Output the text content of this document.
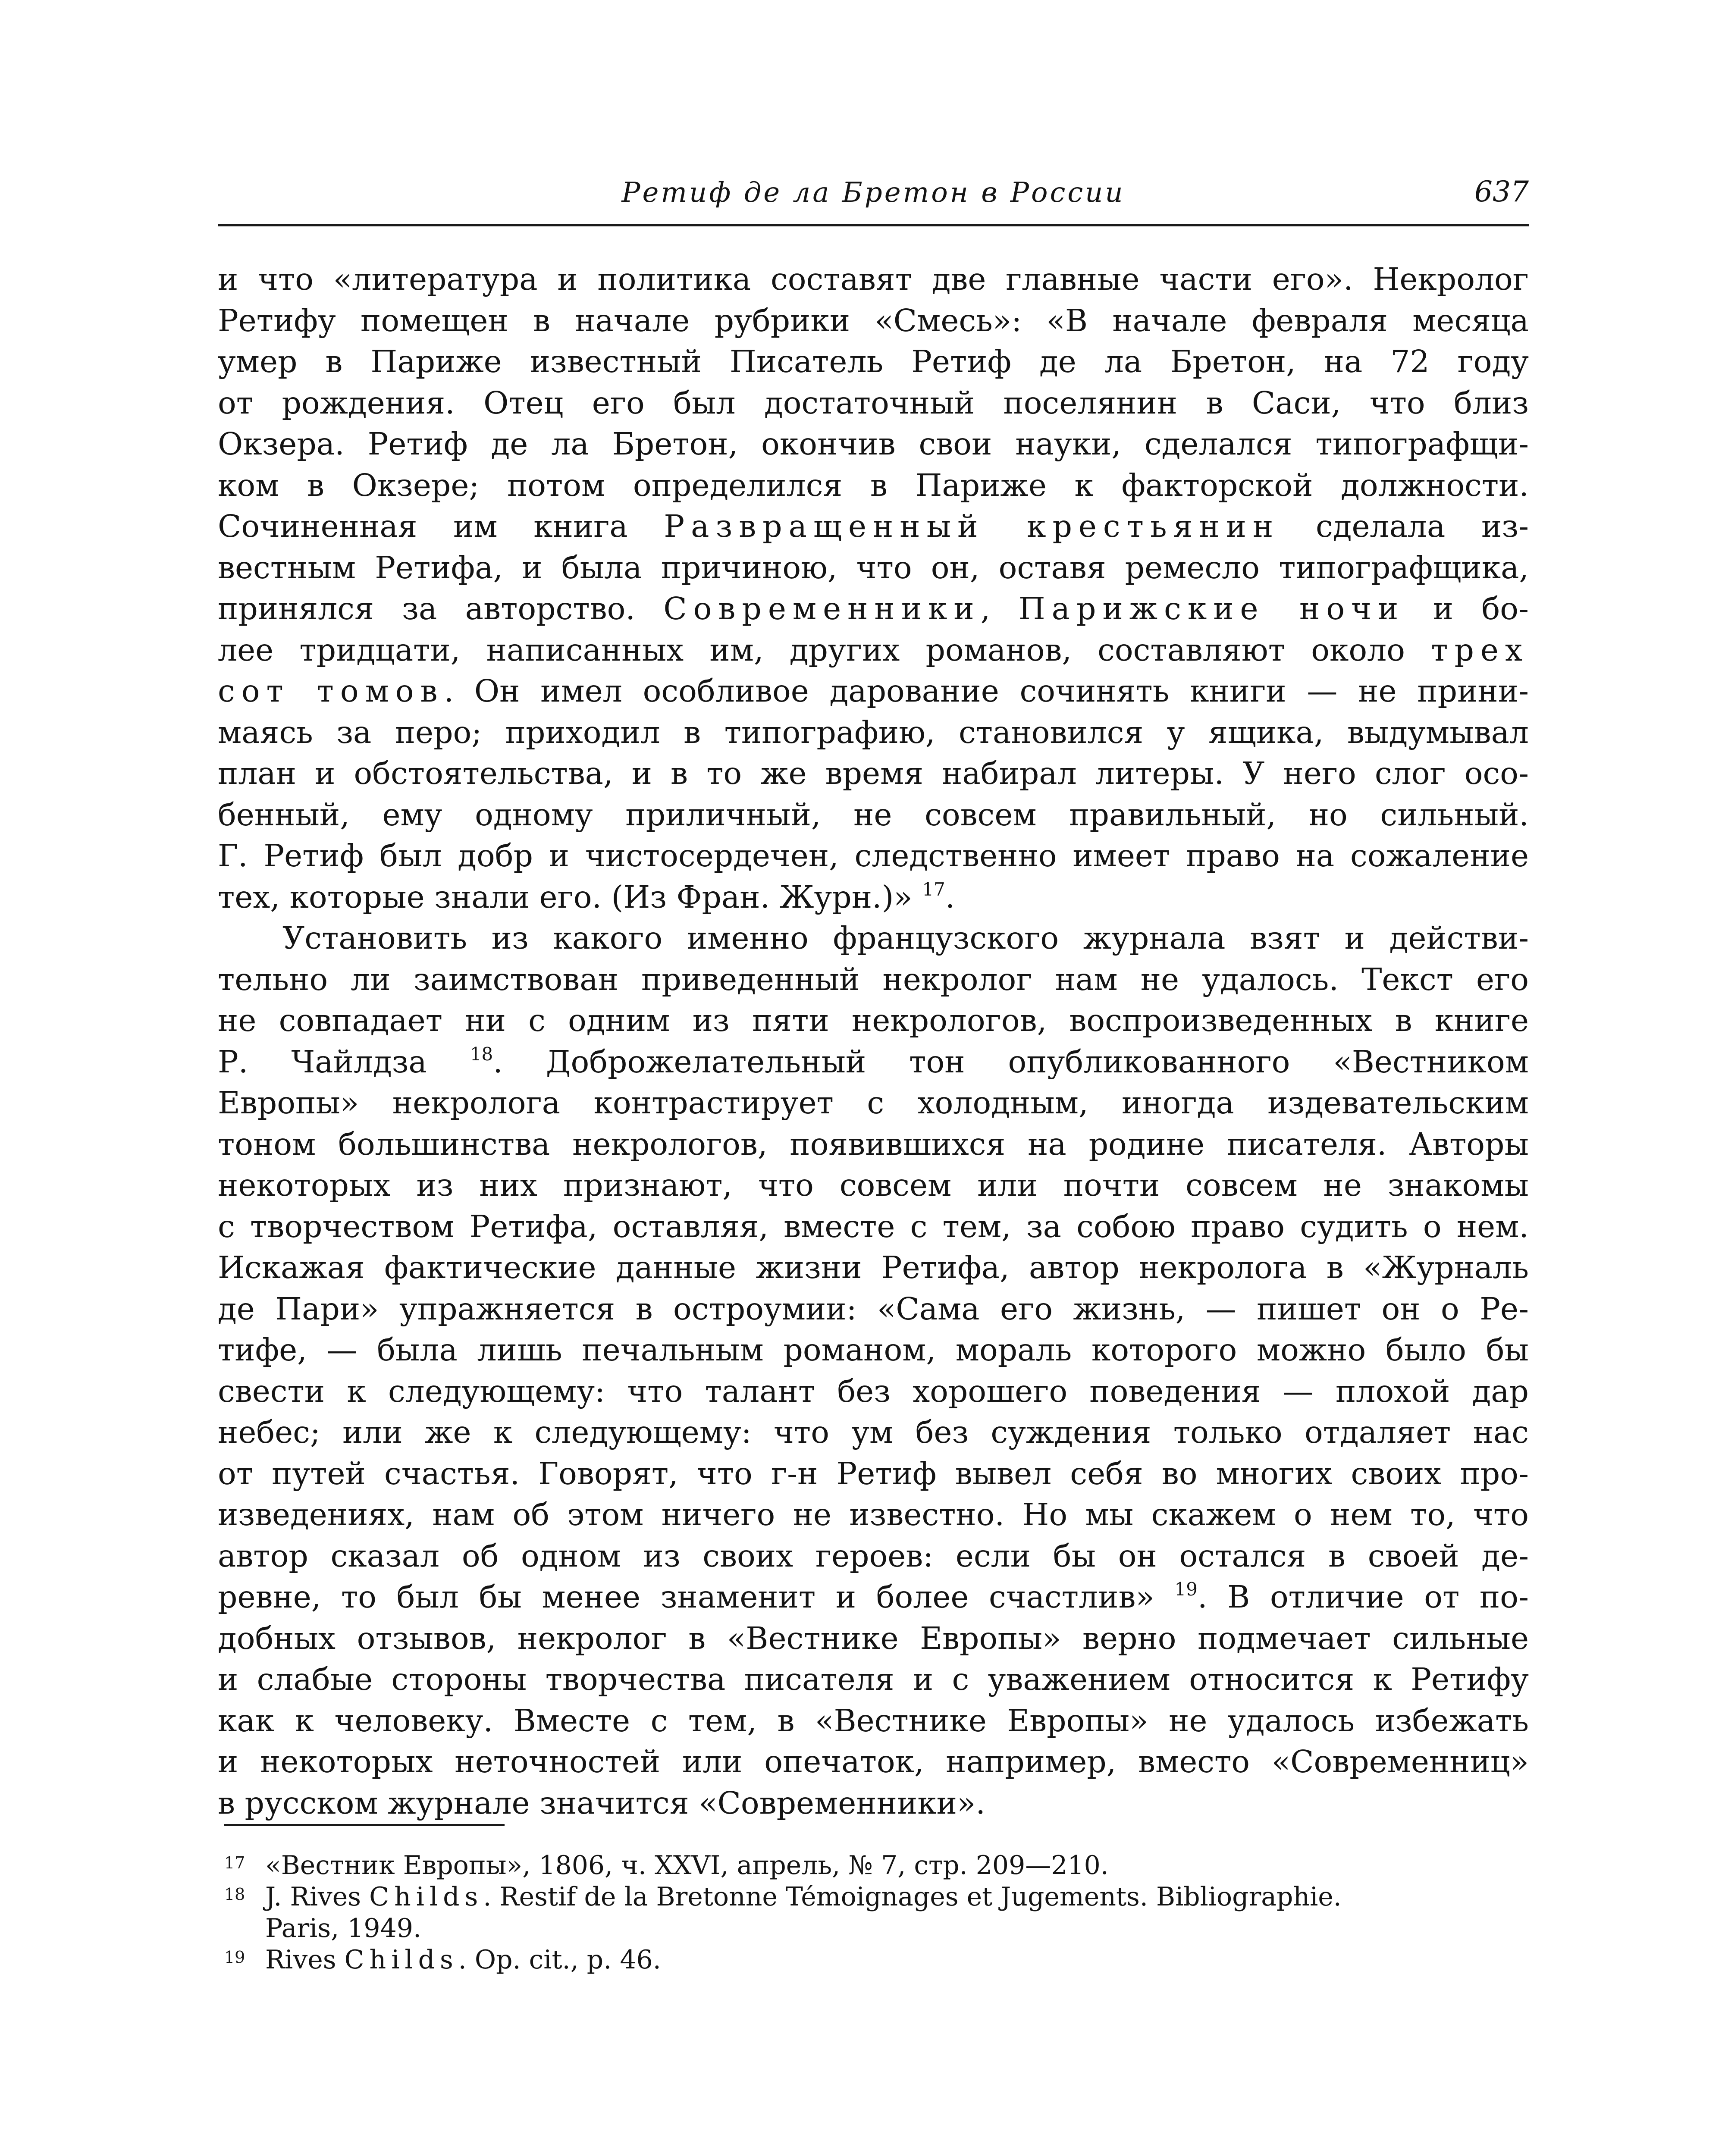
Ретиф де ла Бретон в России	637
и что «литература и политика составят две главные части его». Некролог
Ретифу помещен в начале рубрики «Смесь»: «В начале февраля месяца
умер в Париже известный Писатель Ретиф де ла Бретон, на 72 году
от рождения. Отец его был достаточный поселянин в Саси, что близ
Окзера. Ретиф де ла Бретон, окончив свои науки, сделался типографщи-
ком в Окзере; потом определился в Париже к факторской должности.
Сочиненная им книга Развращенный крестьянин сделала из-
вестным Ретифа, и была причиною, что он, оставя ремесло типографщика,
принялся за авторство. Современники, Парижские ночи и бо-
лее тридцати, написанных им, других романов, составляют около трех
сот томов. Он имел особливое дарование сочинять книги — не прини-
маясь за перо; приходил в типографию, становился у ящика, выдумывал
план и обстоятельства, и в то же время набирал литеры. У него слог осо-
бенный, ему одному приличный, не совсем правильный, но сильный.
Г. Ретиф был добр и чистосердечен, следственно имеет право на сожаление
тех, которые знали его. (Из Фран. Журн.)» $^{17}$.
Установить из какого именно французского журнала взят и действи-
тельно ли заимствован приведенный некролог нам не удалось. Текст его
не совпадает ни с одним из пяти некрологов, воспроизведенных в книге
Р. Чайлдза $^{18}$. Доброжелательный тон опубликованного «Вестником
Европы» некролога контрастирует с холодным, иногда издевательским
тоном большинства некрологов, появившихся на родине писателя. Авторы
некоторых из них признают, что совсем или почти совсем не знакомы
с творчеством Ретифа, оставляя, вместе с тем, за собою право судить о нем.
Искажая фактические данные жизни Ретифа, автор некролога в «Журналь
де Пари» упражняется в остроумии: «Сама его жизнь, — пишет он о Ре-
тифе, — была лишь печальным романом, мораль которого можно было бы
свести к следующему: что талант без хорошего поведения — плохой дар
небес; или же к следующему: что ум без суждения только отдаляет нас
от путей счастья. Говорят, что г-н Ретиф вывел себя во многих своих про-
изведениях, нам об этом ничего не известно. Но мы скажем о нем то, что
автор сказал об одном из своих героев: если бы он остался в своей де-
ревне, то был бы менее знаменит и более счастлив» $^{19}$. В отличие от по-
добных отзывов, некролог в «Вестнике Европы» верно подмечает сильные
и слабые стороны творчества писателя и с уважением относится к Ретифу
как к человеку. Вместе с тем, в «Вестнике Европы» не удалось избежать
и некоторых неточностей или опечаток, например, вместо «Современниц»
в русском журнале значится «Современники».
17 «Вестник Европы», 1806, ч. XXVI, апрель, № 7, стр. 209—210.
18 J. Rives Childs. Restif de la Bretonne Témoignages et Jugements. Bibliographie.
Paris, 1949.
19 Rives Childs. Op. cit., p. 46.
